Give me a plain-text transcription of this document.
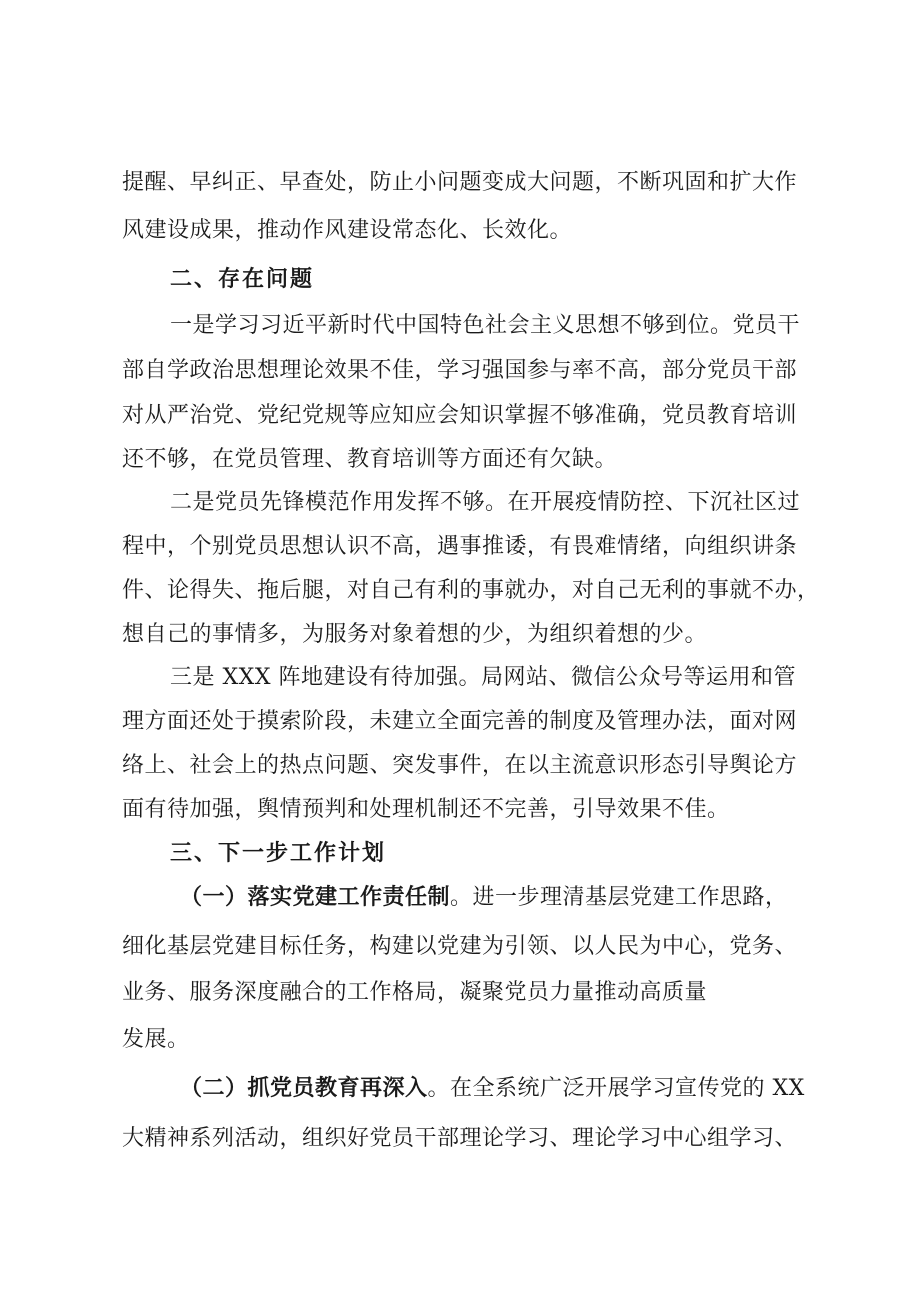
提醒、早纠正、早查处，防止小问题变成大问题，不断巩固和扩大作
风建设成果，推动作风建设常态化、长效化。
二、存在问题
一是学习习近平新时代中国特色社会主义思想不够到位。党员干
部自学政治思想理论效果不佳，学习强国参与率不高，部分党员干部
对从严治党、党纪党规等应知应会知识掌握不够准确，党员教育培训
还不够，在党员管理、教育培训等方面还有欠缺。
二是党员先锋模范作用发挥不够。在开展疫情防控、下沉社区过
程中，个别党员思想认识不高，遇事推诿，有畏难情绪，向组织讲条
件、论得失、拖后腿，对自己有利的事就办，对自己无利的事就不办，
想自己的事情多，为服务对象着想的少，为组织着想的少。
三是 XXX 阵地建设有待加强。局网站、微信公众号等运用和管
理方面还处于摸索阶段，未建立全面完善的制度及管理办法，面对网
络上、社会上的热点问题、突发事件，在以主流意识形态引导舆论方
面有待加强，舆情预判和处理机制还不完善，引导效果不佳。
三、下一步工作计划
（一）落实党建工作责任制。进一步理清基层党建工作思路，
细化基层党建目标任务，构建以党建为引领、以人民为中心，党务、
业务、服务深度融合的工作格局，凝聚党员力量推动高质量
发展。
（二）抓党员教育再深入。在全系统广泛开展学习宣传党的 XX
大精神系列活动，组织好党员干部理论学习、理论学习中心组学习、
